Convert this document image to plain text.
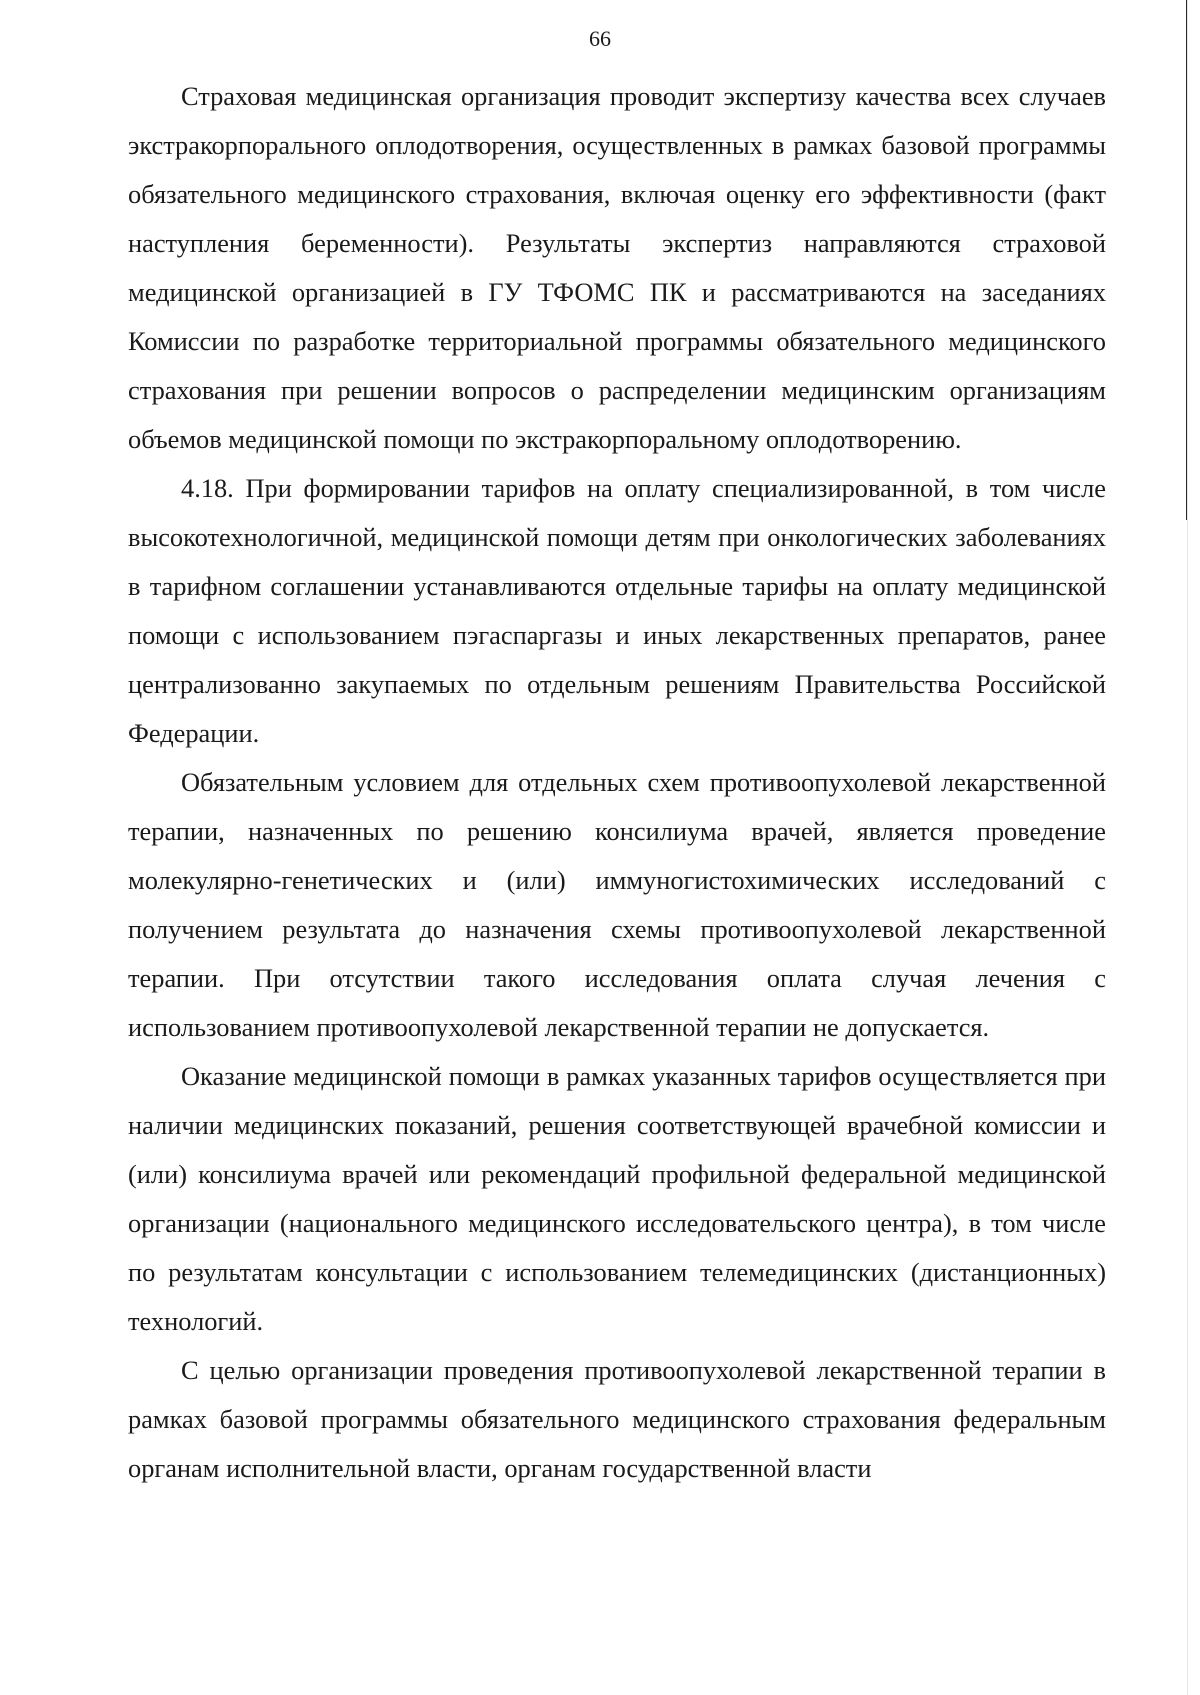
66

Страховая медицинская организация проводит экспертизу качества всех случаев экстракорпорального оплодотворения, осуществленных в рамках базовой программы обязательного медицинского страхования, включая оценку его эффективности (факт наступления беременности). Результаты экспертиз направляются страховой медицинской организацией в ГУ ТФОМС ПК и рассматриваются на заседаниях Комиссии по разработке территориальной программы обязательного медицинского страхования при решении вопросов о распределении медицинским организациям объемов медицинской помощи по экстракорпоральному оплодотворению.

4.18. При формировании тарифов на оплату специализированной, в том числе высокотехнологичной, медицинской помощи детям при онкологических заболеваниях в тарифном соглашении устанавливаются отдельные тарифы на оплату медицинской помощи с использованием пэгаспаргазы и иных лекарственных препаратов, ранее централизованно закупаемых по отдельным решениям Правительства Российской Федерации.

Обязательным условием для отдельных схем противоопухолевой лекарственной терапии, назначенных по решению консилиума врачей, является проведение молекулярно-генетических и (или) иммуногистохимических исследований с получением результата до назначения схемы противоопухолевой лекарственной терапии. При отсутствии такого исследования оплата случая лечения с использованием противоопухолевой лекарственной терапии не допускается.

Оказание медицинской помощи в рамках указанных тарифов осуществляется при наличии медицинских показаний, решения соответствующей врачебной комиссии и (или) консилиума врачей или рекомендаций профильной федеральной медицинской организации (национального медицинского исследовательского центра), в том числе по результатам консультации с использованием телемедицинских (дистанционных) технологий.

С целью организации проведения противоопухолевой лекарственной терапии в рамках базовой программы обязательного медицинского страхования федеральным органам исполнительной власти, органам государственной власти
